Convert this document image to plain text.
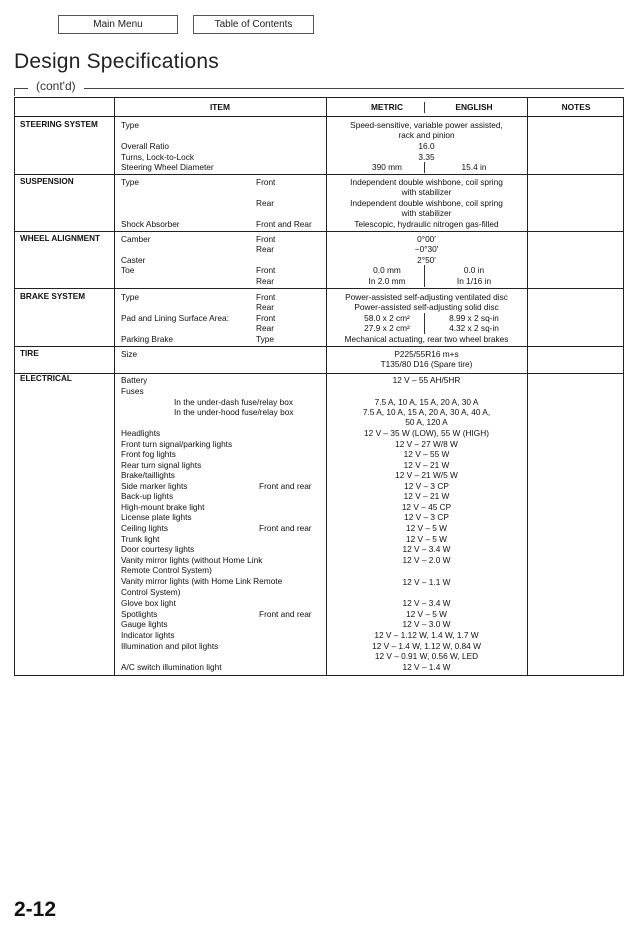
Main Menu	Table of Contents
Design Specifications
(cont'd)
ITEM	METRIC	ENGLISH	NOTES
STEERING SYSTEM	Type	Speed-sensitive, variable power assisted,
rack and pinion
Overall Ratio	16.0
Turns, Lock-to-Lock	3.35
Steering Wheel Diameter	390 mm	15.4 in
SUSPENSION	Type	Front	Independent double wishbone, coil spring
with stabilizer
Rear	Independent double wishbone, coil spring
with stabilizer
Shock Absorber	Front and Rear	Telescopic, hydraulic nitrogen gas-filled
WHEEL ALIGNMENT	Camber	Front	0°00′
Rear	−0°30′
Caster	2°50′
Toe	Front	0.0 mm	0.0 in
Rear	In 2.0 mm	In 1/16 in
BRAKE SYSTEM	Type	Front	Power-assisted self-adjusting ventilated disc
Rear	Power-assisted self-adjusting solid disc
Pad and Lining Surface Area:	Front	58.0 x 2 cm²	8.99 x 2 sq-in
Rear	27.9 x 2 cm²	4.32 x 2 sq-in
Parking Brake	Type	Mechanical actuating, rear two wheel brakes
TIRE	Size	P225/55R16 m+s
T135/80 D16 (Spare tire)
ELECTRICAL	Battery	12 V – 55 AH/5HR
Fuses
In the under-dash fuse/relay box	7.5 A, 10 A, 15 A, 20 A, 30 A
In the under-hood fuse/relay box	7.5 A, 10 A, 15 A, 20 A, 30 A, 40 A,
50 A, 120 A
Headlights	12 V – 35 W (LOW), 55 W (HIGH)
Front turn signal/parking lights	12 V – 27 W/8 W
Front fog lights	12 V – 55 W
Rear turn signal lights	12 V – 21 W
Brake/taillights	12 V – 21 W/5 W
Side marker lights	Front and rear	12 V – 3 CP
Back-up lights	12 V – 21 W
High-mount brake light	12 V – 45 CP
License plate lights	12 V – 3 CP
Ceiling lights	Front and rear	12 V – 5 W
Trunk light	12 V – 5 W
Door courtesy lights	12 V – 3.4 W
Vanity mirror lights (without Home Link	12 V – 2.0 W
Remote Control System)
Vanity mirror lights (with Home Link Remote	12 V – 1.1 W
Control System)
Glove box light	12 V – 3.4 W
Spotlights	Front and rear	12 V – 5 W
Gauge lights	12 V – 3.0 W
Indicator lights	12 V – 1.12 W, 1.4 W, 1.7 W
Illumination and pilot lights	12 V – 1.4 W, 1.12 W, 0.84 W
12 V – 0.91 W, 0.56 W, LED
A/C switch illumination light	12 V – 1.4 W
2-12
